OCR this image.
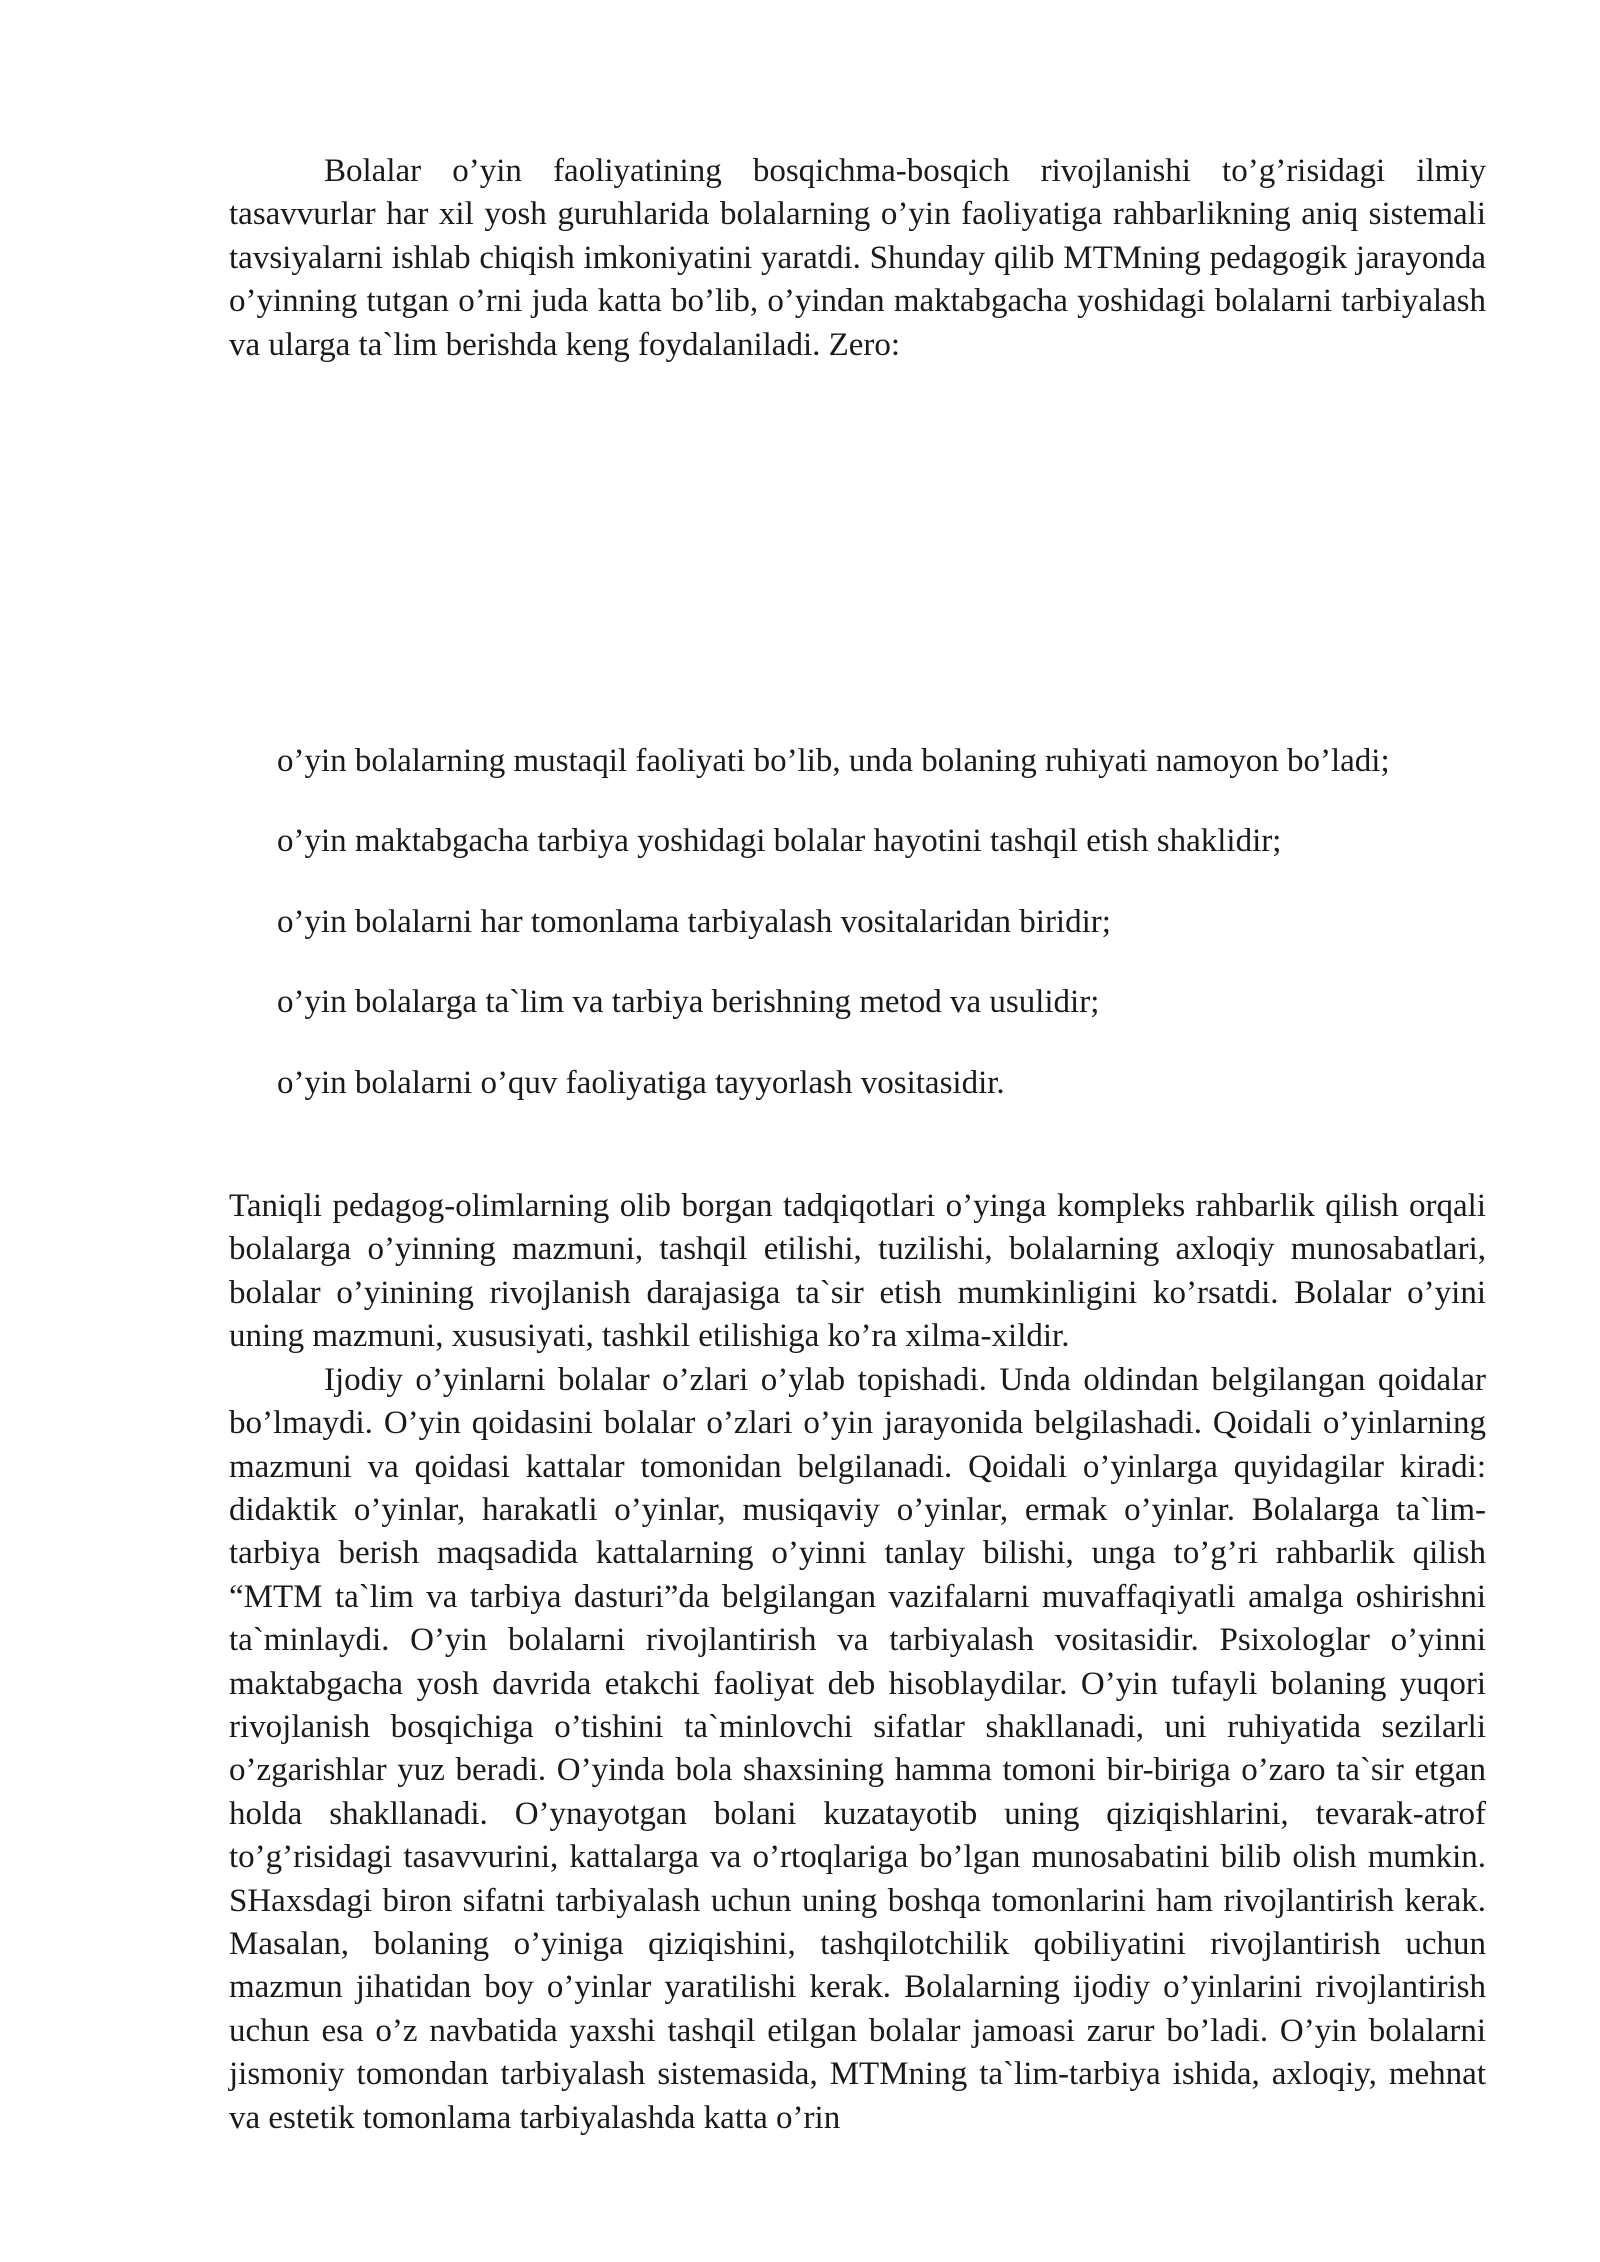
Bolalar o’yin faoliyatining bosqichma-bosqich rivojlanishi to’g’risidagi ilmiy tasavvurlar har xil yosh guruhlarida bolalarning o’yin faoliyatiga rahbarlikning aniq sistemali tavsiyalarni ishlab chiqish imkoniyatini yaratdi. Shunday qilib MTMning pedagogik jarayonda o’yinning tutgan o’rni juda katta bo’lib, o’yindan maktabgacha yoshidagi bolalarni tarbiyalash va ularga ta`lim berishda keng foydalaniladi. Zero:

o’yin bolalarning mustaqil faoliyati bo’lib, unda bolaning ruhiyati namoyon bo’ladi;

o’yin maktabgacha tarbiya yoshidagi bolalar hayotini tashqil etish shaklidir;

o’yin bolalarni har tomonlama tarbiyalash vositalaridan biridir;

o’yin bolalarga ta`lim va tarbiya berishning metod va usulidir;

o’yin bolalarni o’quv faoliyatiga tayyorlash vositasidir.

Taniqli pedagog-olimlarning olib borgan tadqiqotlari o’yinga kompleks rahbarlik qilish orqali bolalarga o’yinning mazmuni, tashqil etilishi, tuzilishi, bolalarning axloqiy munosabatlari, bolalar o’yinining rivojlanish darajasiga ta`sir etish mumkinligini ko’rsatdi. Bolalar o’yini uning mazmuni, xususiyati, tashkil etilishiga ko’ra xilma-xildir.

Ijodiy o’yinlarni bolalar o’zlari o’ylab topishadi. Unda oldindan belgilangan qoidalar bo’lmaydi. O’yin qoidasini bolalar o’zlari o’yin jarayonida belgilashadi. Qoidali o’yinlarning mazmuni va qoidasi kattalar tomonidan belgilanadi. Qoidali o’yinlarga quyidagilar kiradi: didaktik o’yinlar, harakatli o’yinlar, musiqaviy o’yinlar, ermak o’yinlar. Bolalarga ta`lim-tarbiya berish maqsadida kattalarning o’yinni tanlay bilishi, unga to’g’ri rahbarlik qilish “MTM ta`lim va tarbiya dasturi”da belgilangan vazifalarni muvaffaqiyatli amalga oshirishni ta`minlaydi. O’yin bolalarni rivojlantirish va tarbiyalash vositasidir. Psixologlar o’yinni maktabgacha yosh davrida etakchi faoliyat deb hisoblaydilar. O’yin tufayli bolaning yuqori rivojlanish bosqichiga o’tishini ta`minlovchi sifatlar shakllanadi, uni ruhiyatida sezilarli o’zgarishlar yuz beradi. O’yinda bola shaxsining hamma tomoni bir-biriga o’zaro ta`sir etgan holda shakllanadi. O’ynayotgan bolani kuzatayotib uning qiziqishlarini, tevarak-atrof to’g’risidagi tasavvurini, kattalarga va o’rtoqlariga bo’lgan munosabatini bilib olish mumkin. SHaxsdagi biron sifatni tarbiyalash uchun uning boshqa tomonlarini ham rivojlantirish kerak. Masalan, bolaning o’yiniga qiziqishini, tashqilotchilik qobiliyatini rivojlantirish uchun mazmun jihatidan boy o’yinlar yaratilishi kerak. Bolalarning ijodiy o’yinlarini rivojlantirish uchun esa o’z navbatida yaxshi tashqil etilgan bolalar jamoasi zarur bo’ladi. O’yin bolalarni jismoniy tomondan tarbiyalash sistemasida, MTMning ta`lim-tarbiya ishida, axloqiy, mehnat va estetik tomonlama tarbiyalashda katta o’rin
